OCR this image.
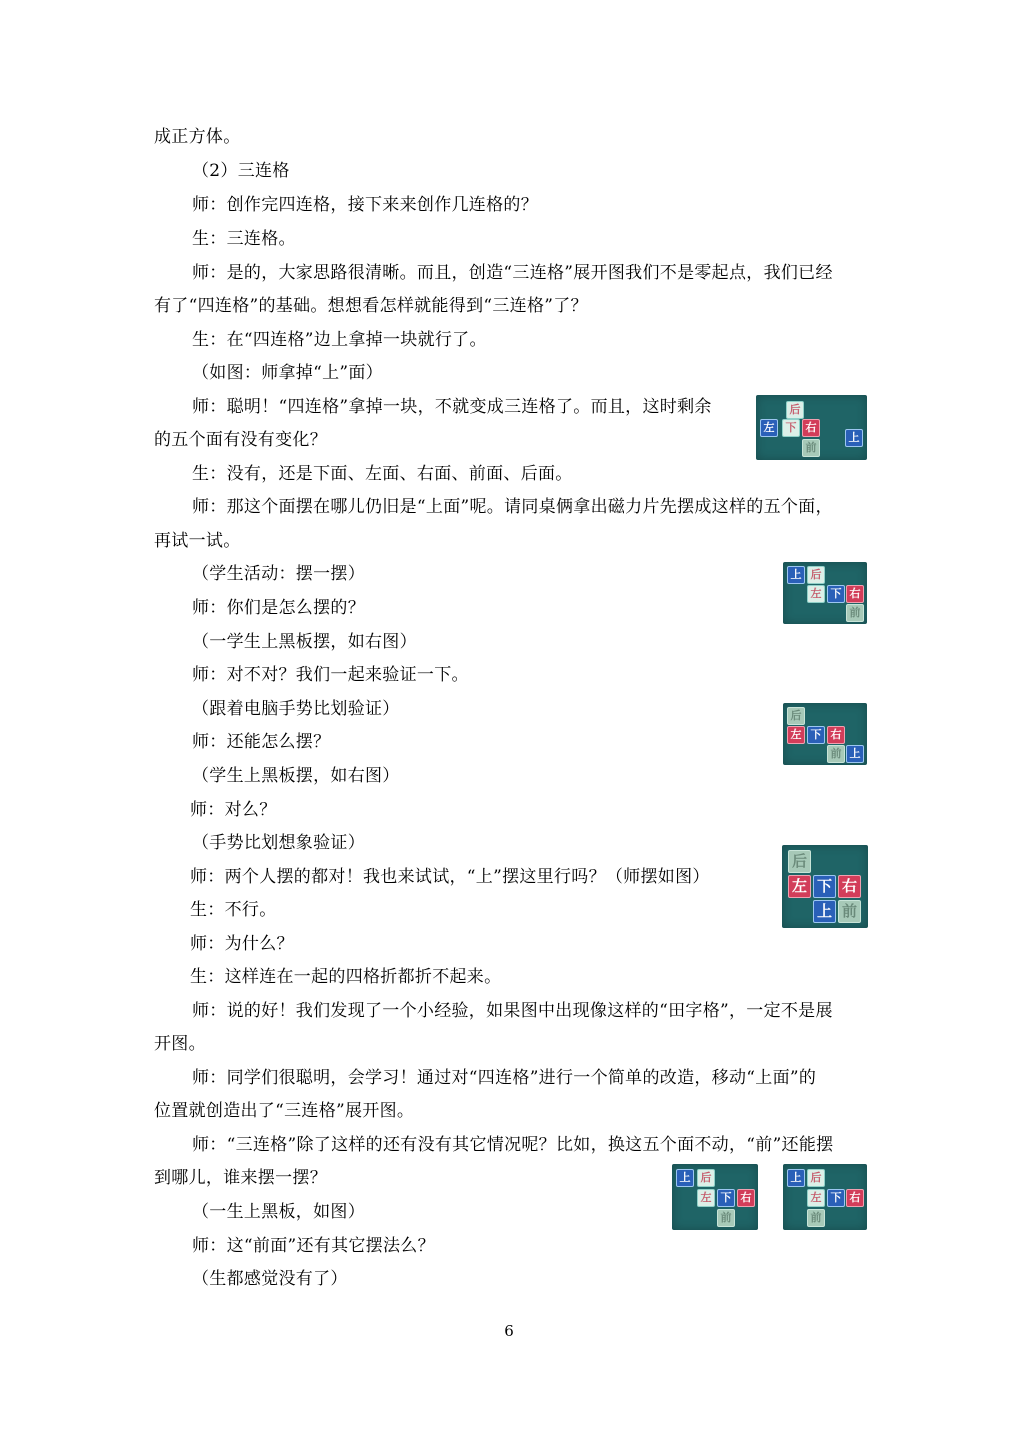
成正方体。
（2）三连格
师：创作完四连格，接下来来创作几连格的？
生：三连格。
师：是的，大家思路很清晰。而且，创造“三连格”展开图我们不是零起点，我们已经
有了“四连格”的基础。想想看怎样就能得到“三连格”了？
生：在“四连格”边上拿掉一块就行了。
（如图：师拿掉“上”面）
师：聪明！“四连格”拿掉一块，不就变成三连格了。而且，这时剩余
的五个面有没有变化？
生：没有，还是下面、左面、右面、前面、后面。
师：那这个面摆在哪儿仍旧是“上面”呢。请同桌俩拿出磁力片先摆成这样的五个面，
再试一试。
（学生活动：摆一摆）
师：你们是怎么摆的？
（一学生上黑板摆，如右图）
师：对不对？我们一起来验证一下。
（跟着电脑手势比划验证）
师：还能怎么摆？
（学生上黑板摆，如右图）
师：对么？
（手势比划想象验证）
师：两个人摆的都对！我也来试试，“上”摆这里行吗？（师摆如图）
生：不行。
师：为什么？
生：这样连在一起的四格折都折不起来。
师：说的好！我们发现了一个小经验，如果图中出现像这样的“田字格”，一定不是展
开图。
师：同学们很聪明，会学习！通过对“四连格”进行一个简单的改造，移动“上面”的
位置就创造出了“三连格”展开图。
师：“三连格”除了这样的还有没有其它情况呢？比如，换这五个面不动，“前”还能摆
到哪儿，谁来摆一摆？
（一生上黑板，如图）
师：这“前面”还有其它摆法么？
（生都感觉没有了）
后
左	下 右
前
上
上 后
左 下 右
前
后
左 下 右
前 上
后
左 下 右
上 前
上 后
左 下 右
前
上 后
左 下 右
前
6
